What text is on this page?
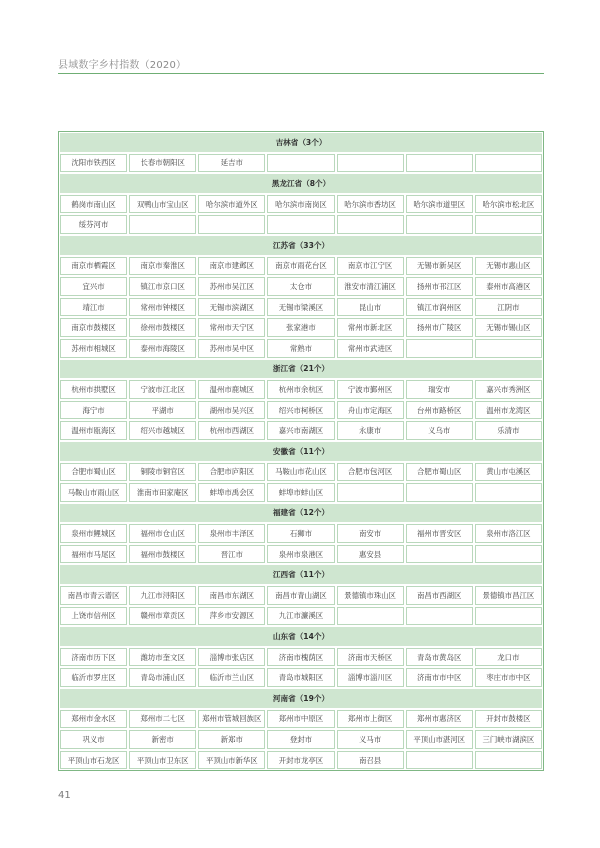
县域数字乡村指数（2020）
吉林省（3个）						
沈阳市铁西区	长春市朝阳区	延吉市				
黑龙江省（8个）						
鹤岗市南山区	双鸭山市宝山区	哈尔滨市道外区	哈尔滨市南岗区	哈尔滨市香坊区	哈尔滨市道里区	哈尔滨市松北区
绥芬河市						
江苏省（33个）						
南京市栖霞区	南京市秦淮区	南京市建邺区	南京市雨花台区	南京市江宁区	无锡市新吴区	无锡市惠山区
宜兴市	镇江市京口区	苏州市吴江区	太仓市	淮安市清江浦区	扬州市邗江区	泰州市高港区
靖江市	常州市钟楼区	无锡市滨湖区	无锡市梁溪区	昆山市	镇江市润州区	江阴市
南京市鼓楼区	徐州市鼓楼区	常州市天宁区	张家港市	常州市新北区	扬州市广陵区	无锡市锡山区
苏州市相城区	泰州市海陵区	苏州市吴中区	常熟市	常州市武进区		
浙江省（21个）						
杭州市拱墅区	宁波市江北区	温州市鹿城区	杭州市余杭区	宁波市鄞州区	瑞安市	嘉兴市秀洲区
海宁市	平湖市	湖州市吴兴区	绍兴市柯桥区	舟山市定海区	台州市路桥区	温州市龙湾区
温州市瓯海区	绍兴市越城区	杭州市西湖区	嘉兴市南湖区	永康市	义乌市	乐清市
安徽省（11个）						
合肥市蜀山区	铜陵市铜官区	合肥市庐阳区	马鞍山市花山区	合肥市包河区	合肥市蜀山区	黄山市屯溪区
马鞍山市雨山区	淮南市田家庵区	蚌埠市禹会区	蚌埠市蚌山区			
福建省（12个）						
泉州市鲤城区	福州市仓山区	泉州市丰泽区	石狮市	南安市	福州市晋安区	泉州市洛江区
福州市马尾区	福州市鼓楼区	晋江市	泉州市泉港区	惠安县		
江西省（11个）						
南昌市青云谱区	九江市浔阳区	南昌市东湖区	南昌市青山湖区	景德镇市珠山区	南昌市西湖区	景德镇市昌江区
上饶市信州区	赣州市章贡区	萍乡市安源区	九江市濂溪区			
山东省（14个）						
济南市历下区	潍坊市奎文区	淄博市张店区	济南市槐荫区	济南市天桥区	青岛市黄岛区	龙口市
临沂市罗庄区	青岛市浦山区	临沂市兰山区	青岛市城阳区	淄博市淄川区	济南市市中区	枣庄市市中区
河南省（19个）						
郑州市金水区	郑州市二七区	郑州市管城回族区	郑州市中原区	郑州市上街区	郑州市惠济区	开封市鼓楼区
巩义市	新密市	新郑市	登封市	义马市	平顶山市湛河区	三门峡市湖滨区
平顶山市石龙区	平顶山市卫东区	平顶山市新华区	开封市龙亭区	南召县		
41
